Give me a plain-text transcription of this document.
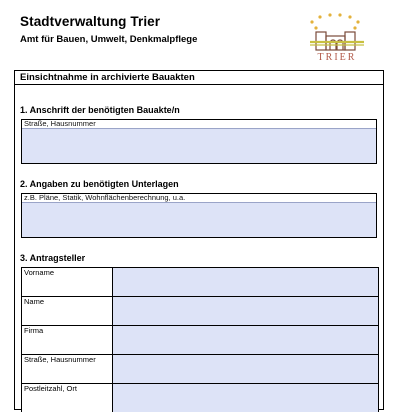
Stadtverwaltung Trier
Amt für Bauen, Umwelt, Denkmalpflege
TRIER
Einsichtnahme in archivierte Bauakten
1. Anschrift der benötigten Bauakte/n
Straße, Hausnummer
2. Angaben zu benötigten Unterlagen
z.B. Pläne, Statik, Wohnflächenberechnung, u.a.
3. Antragsteller
Vorname
Name
Firma
Straße, Hausnummer
Postleitzahl, Ort
